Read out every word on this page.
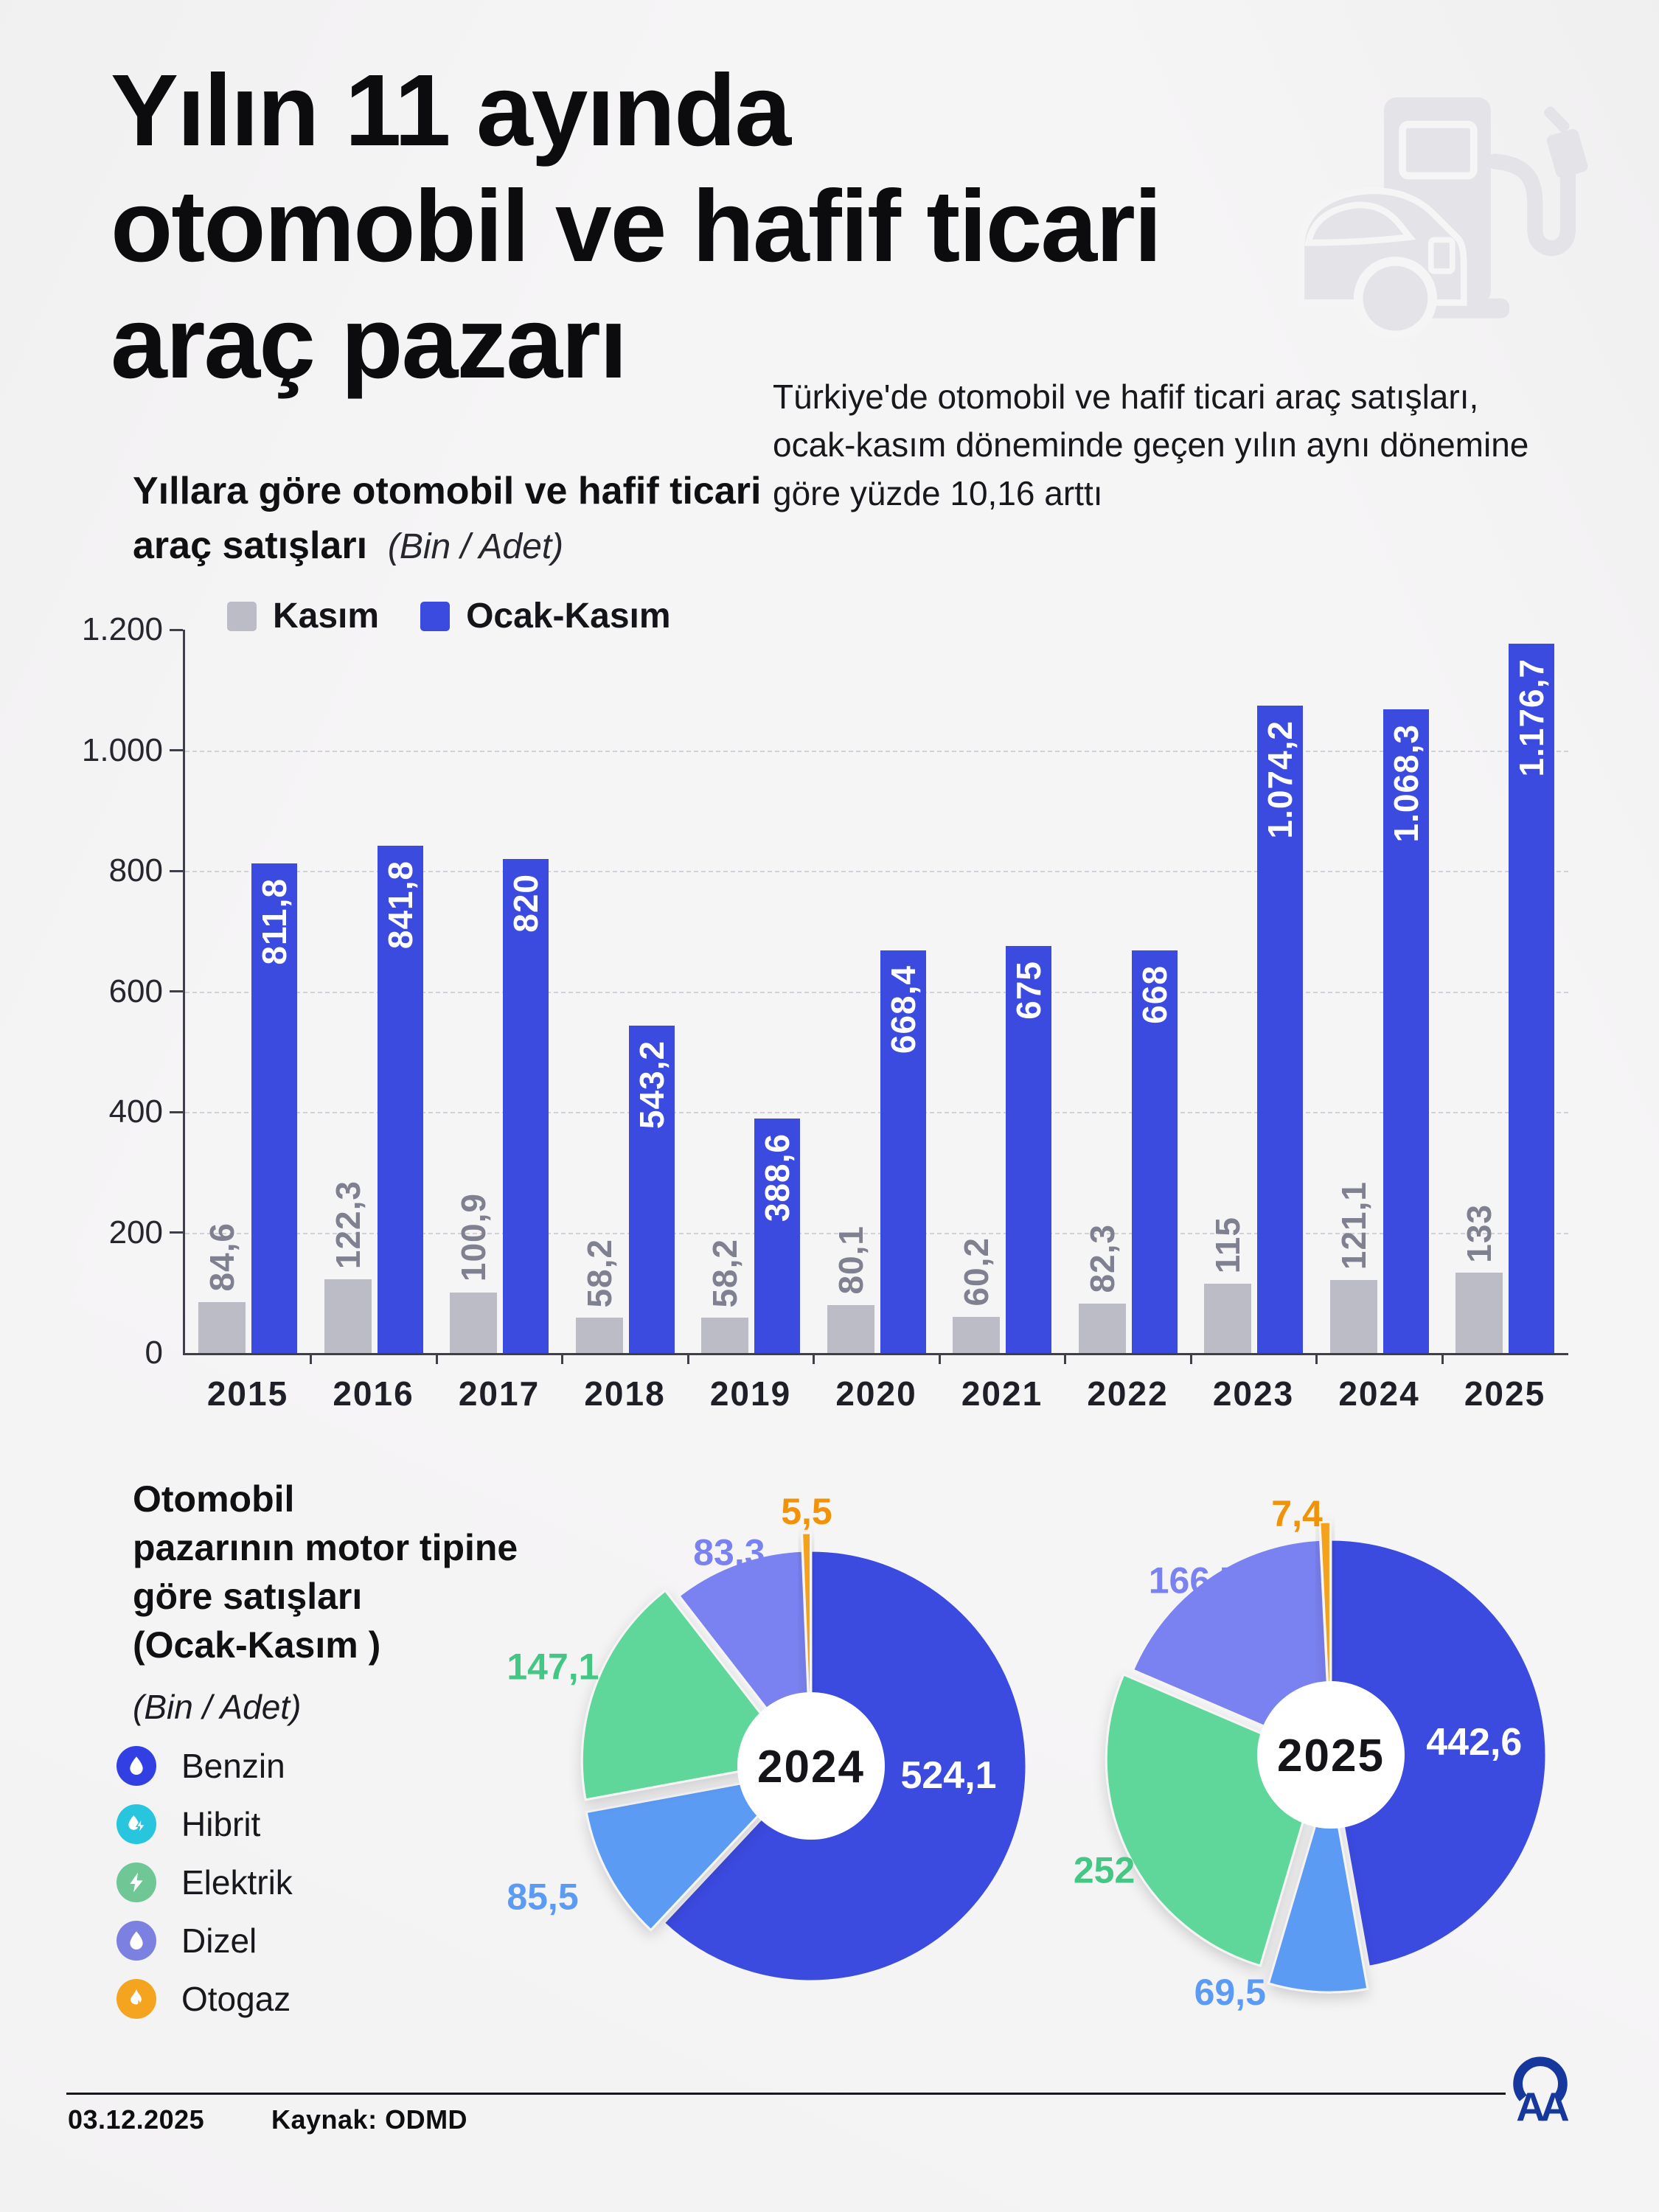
Yılın 11 ayında
otomobil ve hafif ticari
araç pazarı	Türkiye'de otomobil ve hafif ticari araç satışları, ocak-kasım döneminde geçen yılın aynı dönemine göre yüzde 10,16 arttı

Yıllara göre otomobil ve hafif ticari araç satışları (Bin / Adet)
Kasım Ocak-Kasım
0
200
400
600
800
1.000
1.200
84,6
811,8
2015
122,3
841,8
2016
100,9
820
2017
58,2
543,2
2018
58,2
388,6
2019
80,1
668,4
2020
60,2
675
2021
82,3
668
2022
115
1.074,2
2023
121,1
1.068,3
2024
133
1.176,7
2025
Otomobil
pazarının motor tipine
göre satışları
(Ocak-Kasım )
(Bin / Adet)
Benzin
Hibrit
Elektrik
Dizel
Otogaz
2024 524,1
85,5
147,1
83,3
5,5
2025 442,6
69,5
252
166,7
7,4
03.12.2025	Kaynak: ODMD	AA
